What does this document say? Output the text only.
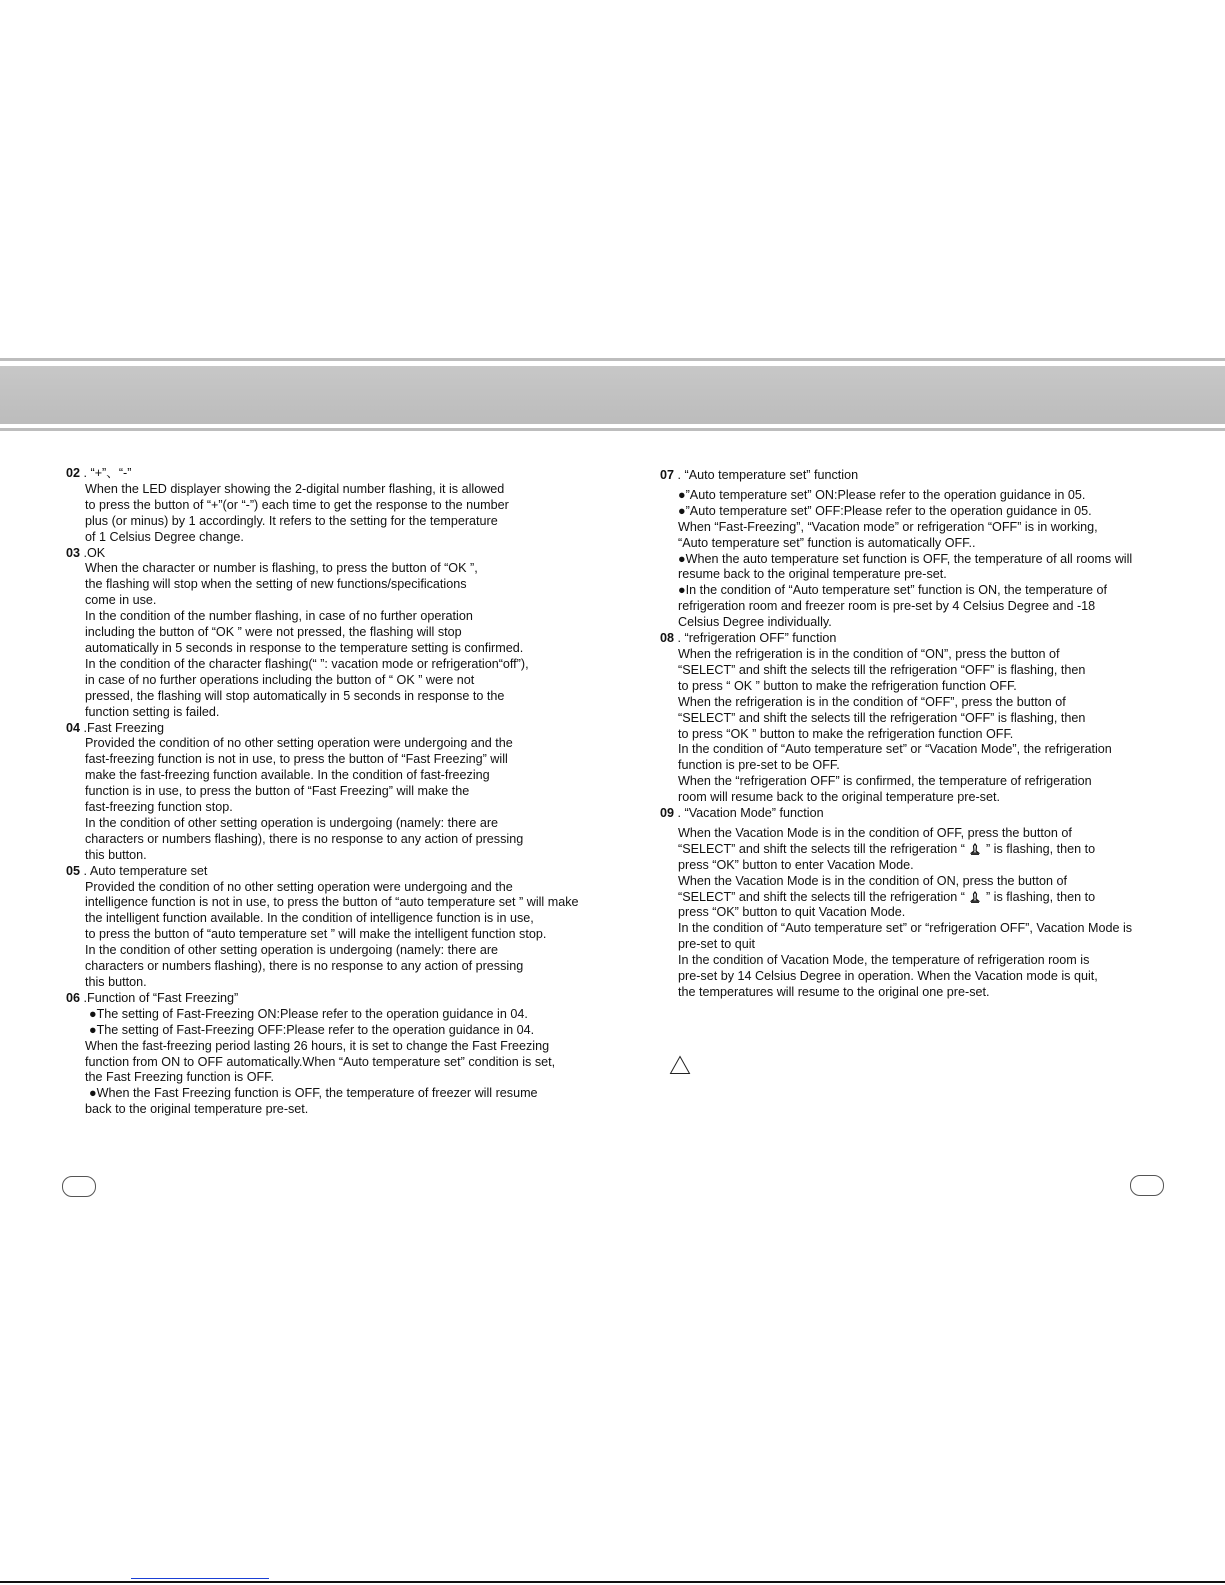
02 . “+”、“-”

When the LED displayer showing the 2-digital number flashing, it is allowed
to press the button of “+”(or “-”) each time to get the response to the number
plus (or minus) by 1 accordingly. It refers to the setting for the temperature
of 1 Celsius Degree change.

03 .OK

When the character or number is flashing, to press the button of “OK ”,
the flashing will stop when the setting of new functions/specifications
come in use.
In the condition of the number flashing, in case of no further operation
including the button of “OK ” were not pressed, the flashing will stop
automatically in 5 seconds in response to the temperature setting is confirmed.
In the condition of the character flashing(“ ”: vacation mode or refrigeration“off”),
in case of no further operations including the button of “ OK ” were not
pressed, the flashing will stop automatically in 5 seconds in response to the
function setting is failed.

04 .Fast Freezing

Provided the condition of no other setting operation were undergoing and the
fast-freezing function is not in use, to press the button of “Fast Freezing” will
make the fast-freezing function available. In the condition of fast-freezing
function is in use, to press the button of “Fast Freezing” will make the
fast-freezing function stop.
In the condition of other setting operation is undergoing (namely: there are
characters or numbers flashing), there is no response to any action of pressing
this button.

05 . Auto temperature set

Provided the condition of no other setting operation were undergoing and the
intelligence function is not in use, to press the button of “auto temperature set ” will make
the intelligent function available. In the condition of intelligence function is in use,
to press the button of “auto temperature set ” will make the intelligent function stop.
In the condition of other setting operation is undergoing (namely: there are
characters or numbers flashing), there is no response to any action of pressing
this button.

06 .Function of “Fast Freezing”

●The setting of Fast-Freezing ON:Please refer to the operation guidance in 04.
●The setting of Fast-Freezing OFF:Please refer to the operation guidance in 04.
When the fast-freezing period lasting 26 hours, it is set to change the Fast Freezing
function from ON to OFF automatically.When “Auto temperature set” condition is set,
the Fast Freezing function is OFF.
●When the Fast Freezing function is OFF, the temperature of freezer will resume
back to the original temperature pre-set.

07 . “Auto temperature set” function

●”Auto temperature set” ON:Please refer to the operation guidance in 05.
●”Auto temperature set” OFF:Please refer to the operation guidance in 05.
When “Fast-Freezing”, “Vacation mode” or refrigeration “OFF” is in working,
“Auto temperature set” function is automatically OFF..
●When the auto temperature set function is OFF, the temperature of all rooms will
resume back to the original temperature pre-set.
●In the condition of “Auto temperature set” function is ON, the temperature of
refrigeration room and freezer room is pre-set by 4 Celsius Degree and -18
Celsius Degree individually.

08 . “refrigeration OFF” function

When the refrigeration is in the condition of “ON”, press the button of
“SELECT” and shift the selects till the refrigeration “OFF” is flashing, then
to press “ OK ” button to make the refrigeration function OFF.
When the refrigeration is in the condition of “OFF”, press the button of
“SELECT” and shift the selects till the refrigeration “OFF” is flashing, then
to press “OK ” button to make the refrigeration function OFF.
In the condition of “Auto temperature set” or “Vacation Mode”, the refrigeration
function is pre-set to be OFF.
When the “refrigeration OFF” is confirmed, the temperature of refrigeration
room will resume back to the original temperature pre-set.

09 . “Vacation Mode” function

When the Vacation Mode is in the condition of OFF, press the button of
“SELECT” and shift the selects till the refrigeration “  ” is flashing, then to
press “OK” button to enter Vacation Mode.
When the Vacation Mode is in the condition of ON, press the button of
“SELECT” and shift the selects till the refrigeration “  ” is flashing, then to
press “OK” button to quit Vacation Mode.
In the condition of “Auto temperature set” or “refrigeration OFF”, Vacation Mode is
pre-set to quit
In the condition of Vacation Mode, the temperature of refrigeration room is
pre-set by 14 Celsius Degree in operation. When the Vacation mode is quit,
the temperatures will resume to the original one pre-set.
